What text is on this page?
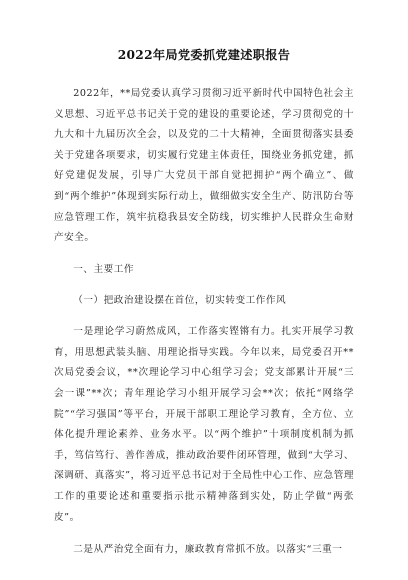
2022年局党委抓党建述职报告

2022年，**局党委认真学习贯彻习近平新时代中国特色社会主义思想、习近平总书记关于党的建设的重要论述，学习贯彻党的十九大和十九届历次全会，以及党的二十大精神，全面贯彻落实县委关于党建各项要求，切实履行党建主体责任，围绕业务抓党建，抓好党建促发展，引导广大党员干部自觉把拥护“两个确立”、做到“两个维护”体现到实际行动上，做细做实安全生产、防汛防台等应急管理工作，筑牢抗稳我县安全防线，切实维护人民群众生命财产安全。

一、主要工作

（一）把政治建设摆在首位，切实转变工作作风

一是理论学习蔚然成风，工作落实铿锵有力。扎实开展学习教育，用思想武装头脑、用理论指导实践。今年以来，局党委召开**次局党委会议，**次理论学习中心组学习会；党支部累计开展“三会一课”**次；青年理论学习小组开展学习会**次；依托“网络学院”“学习强国”等平台，开展干部职工理论学习教育，全方位、立体化提升理论素养、业务水平。以“两个维护”十项制度机制为抓手，笃信笃行、善作善成，推动政治要件闭环管理，做到“大学习、深调研、真落实”，将习近平总书记对于全局性中心工作、应急管理工作的重要论述和重要指示批示精神落到实处，防止学做“两张皮”。

二是从严治党全面有力，廉政教育常抓不放。以落实“三重一
